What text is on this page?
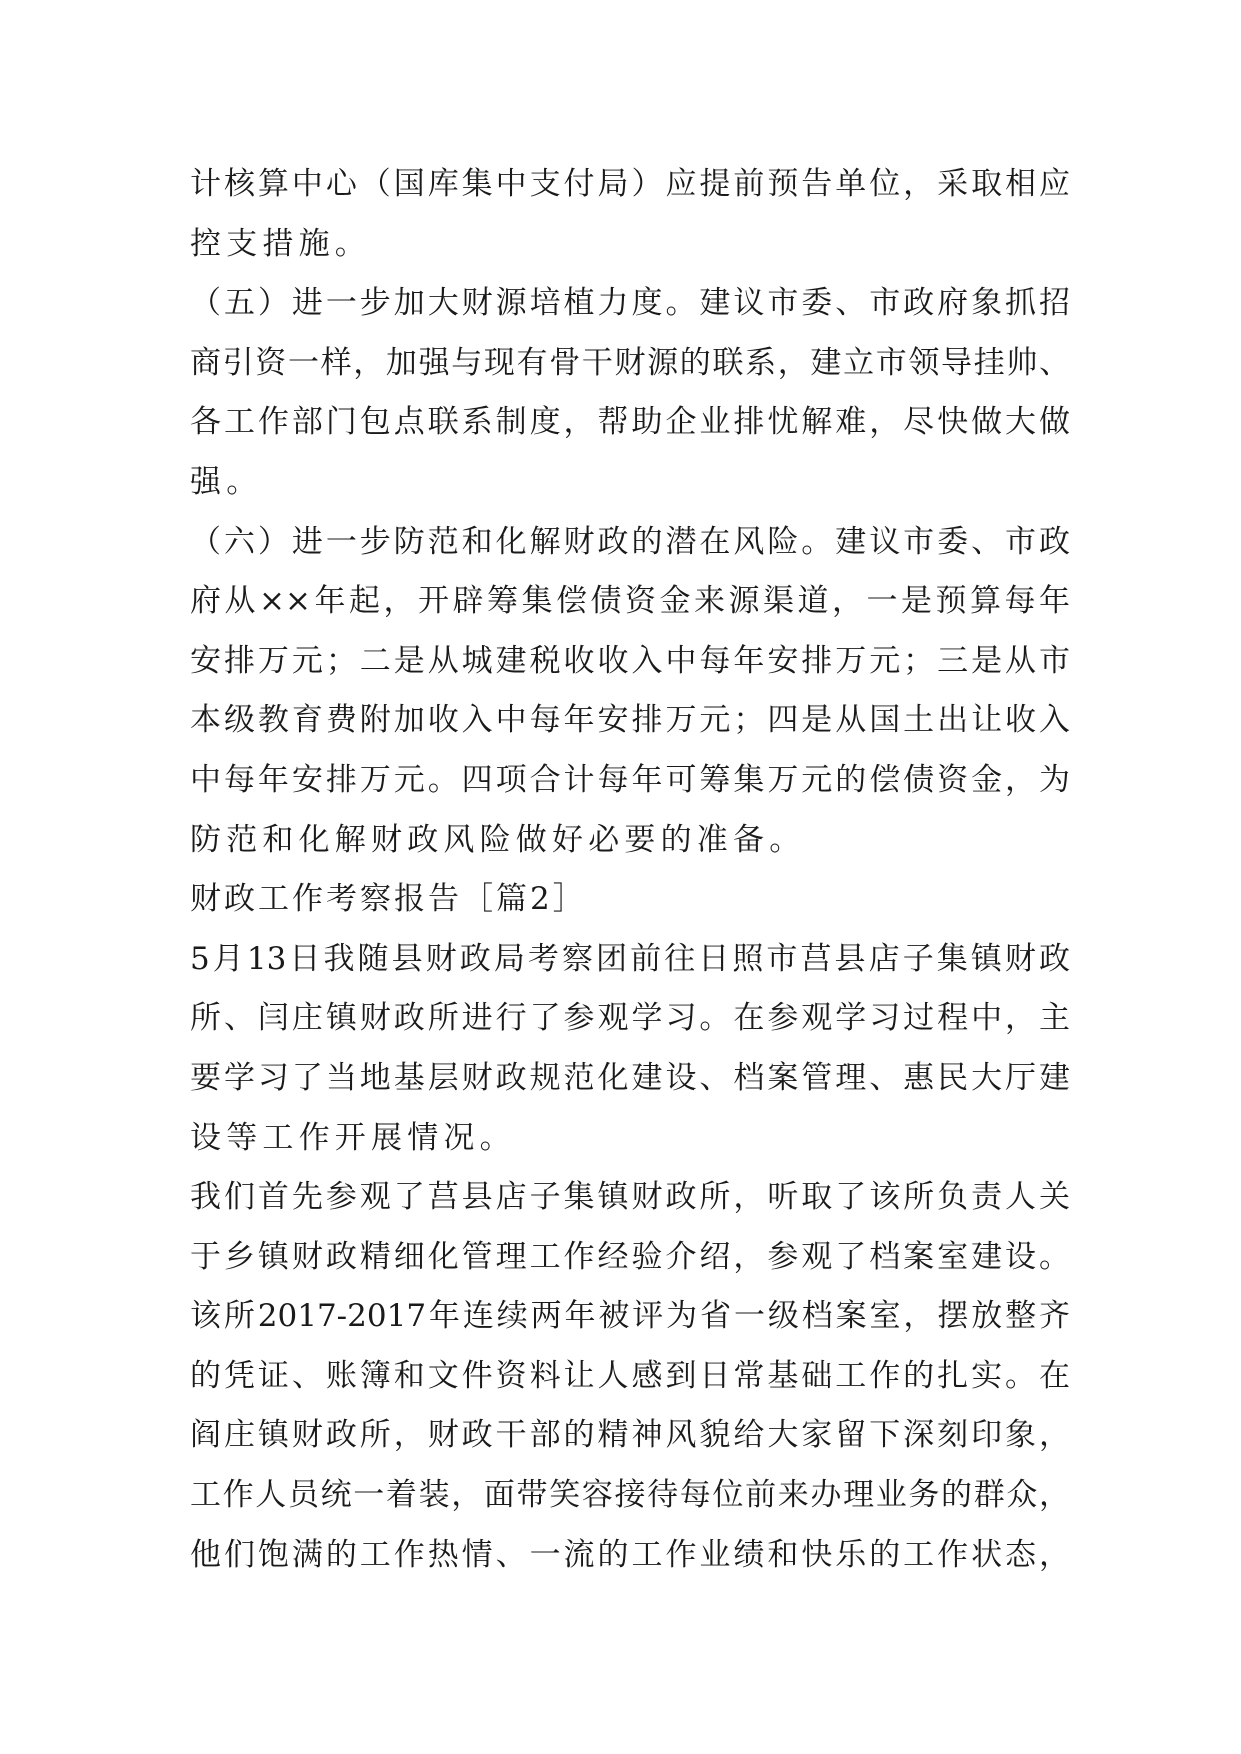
计核算中心（国库集中支付局）应提前预告单位，采取相应
控支措施。
（五）进一步加大财源培植力度。建议市委、市政府象抓招
商引资一样，加强与现有骨干财源的联系，建立市领导挂帅、
各工作部门包点联系制度，帮助企业排忧解难，尽快做大做
强。
（六）进一步防范和化解财政的潜在风险。建议市委、市政
府从××年起，开辟筹集偿债资金来源渠道，一是预算每年
安排万元；二是从城建税收收入中每年安排万元；三是从市
本级教育费附加收入中每年安排万元；四是从国土出让收入
中每年安排万元。四项合计每年可筹集万元的偿债资金，为
防范和化解财政风险做好必要的准备。
财政工作考察报告［篇2］
5月13日我随县财政局考察团前往日照市莒县店子集镇财政
所、闫庄镇财政所进行了参观学习。在参观学习过程中，主
要学习了当地基层财政规范化建设、档案管理、惠民大厅建
设等工作开展情况。
我们首先参观了莒县店子集镇财政所，听取了该所负责人关
于乡镇财政精细化管理工作经验介绍，参观了档案室建设。
该所2017-2017年连续两年被评为省一级档案室，摆放整齐
的凭证、账簿和文件资料让人感到日常基础工作的扎实。在
阎庄镇财政所，财政干部的精神风貌给大家留下深刻印象，
工作人员统一着装，面带笑容接待每位前来办理业务的群众，
他们饱满的工作热情、一流的工作业绩和快乐的工作状态，
